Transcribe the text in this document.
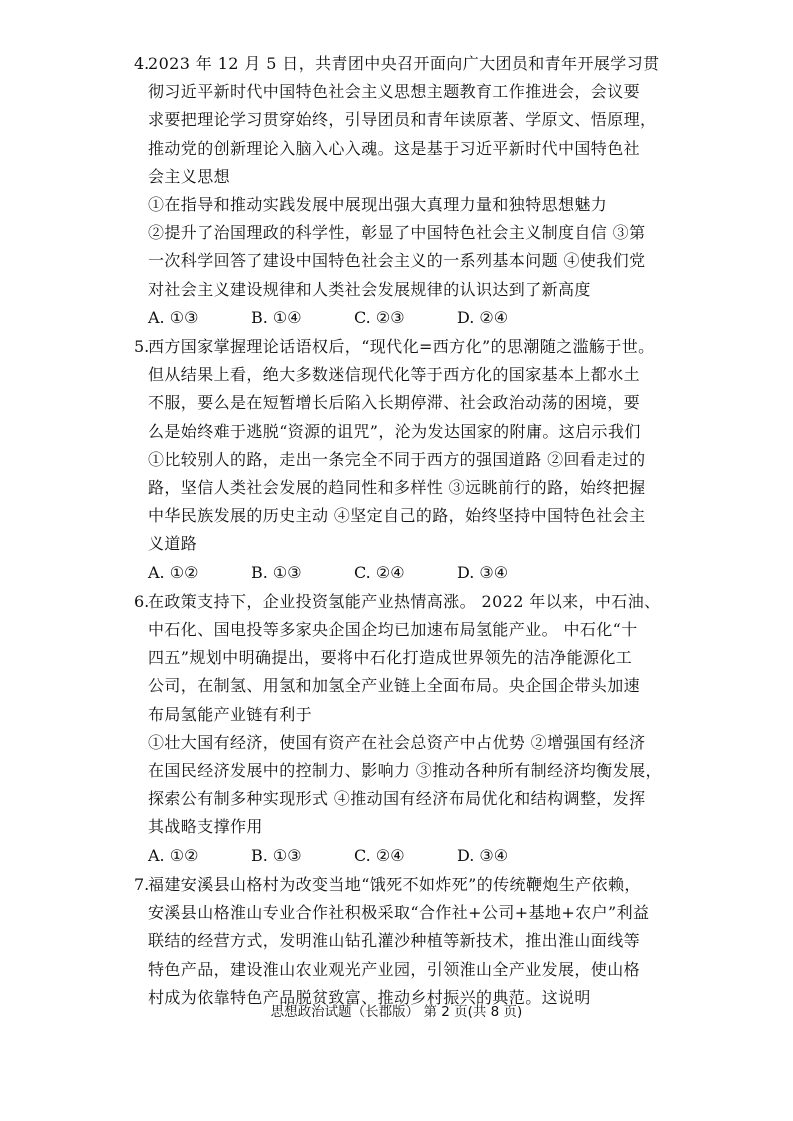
4.
2023 年 12 月 5 日，共青团中央召开面向广大团员和青年开展学习贯
彻习近平新时代中国特色社会主义思想主题教育工作推进会，会议要
求要把理论学习贯穿始终，引导团员和青年读原著、学原文、悟原理，
推动党的创新理论入脑入心入魂。这是基于习近平新时代中国特色社
会主义思想
①在指导和推动实践发展中展现出强大真理力量和独特思想魅力
②提升了治国理政的科学性，彰显了中国特色社会主义制度自信 ③第
一次科学回答了建设中国特色社会主义的一系列基本问题 ④使我们党
对社会主义建设规律和人类社会发展规律的认识达到了新高度
A. ①③	B. ①④	C. ②③	D. ②④
5.
西方国家掌握理论话语权后，“现代化=西方化”的思潮随之滥觞于世。
但从结果上看，绝大多数迷信现代化等于西方化的国家基本上都水土
不服，要么是在短暂增长后陷入长期停滞、社会政治动荡的困境，要
么是始终难于逃脱“资源的诅咒”，沦为发达国家的附庸。这启示我们
①比较别人的路，走出一条完全不同于西方的强国道路 ②回看走过的
路，坚信人类社会发展的趋同性和多样性 ③远眺前行的路，始终把握
中华民族发展的历史主动 ④坚定自己的路，始终坚持中国特色社会主
义道路
A. ①②	B. ①③	C. ②④	D. ③④
6.
在政策支持下，企业投资氢能产业热情高涨。 2022 年以来，中石油、
中石化、国电投等多家央企国企均已加速布局氢能产业。 中石化“十
四五”规划中明确提出，要将中石化打造成世界领先的洁净能源化工
公司，在制氢、用氢和加氢全产业链上全面布局。央企国企带头加速
布局氢能产业链有利于
①壮大国有经济，使国有资产在社会总资产中占优势 ②增强国有经济
在国民经济发展中的控制力、影响力 ③推动各种所有制经济均衡发展，
探索公有制多种实现形式 ④推动国有经济布局优化和结构调整，发挥
其战略支撑作用
A. ①②	B. ①③	C. ②④	D. ③④
7.
福建安溪县山格村为改变当地“饿死不如炸死”的传统鞭炮生产依赖，
安溪县山格淮山专业合作社积极采取“合作社+公司+基地+农户”利益
联结的经营方式，发明淮山钻孔灌沙种植等新技术，推出淮山面线等
特色产品，建设淮山农业观光产业园，引领淮山全产业发展，使山格
村成为依靠特色产品脱贫致富、推动乡村振兴的典范。这说明
思想政治试题（长郡版） 第 2 页(共 8 页)
